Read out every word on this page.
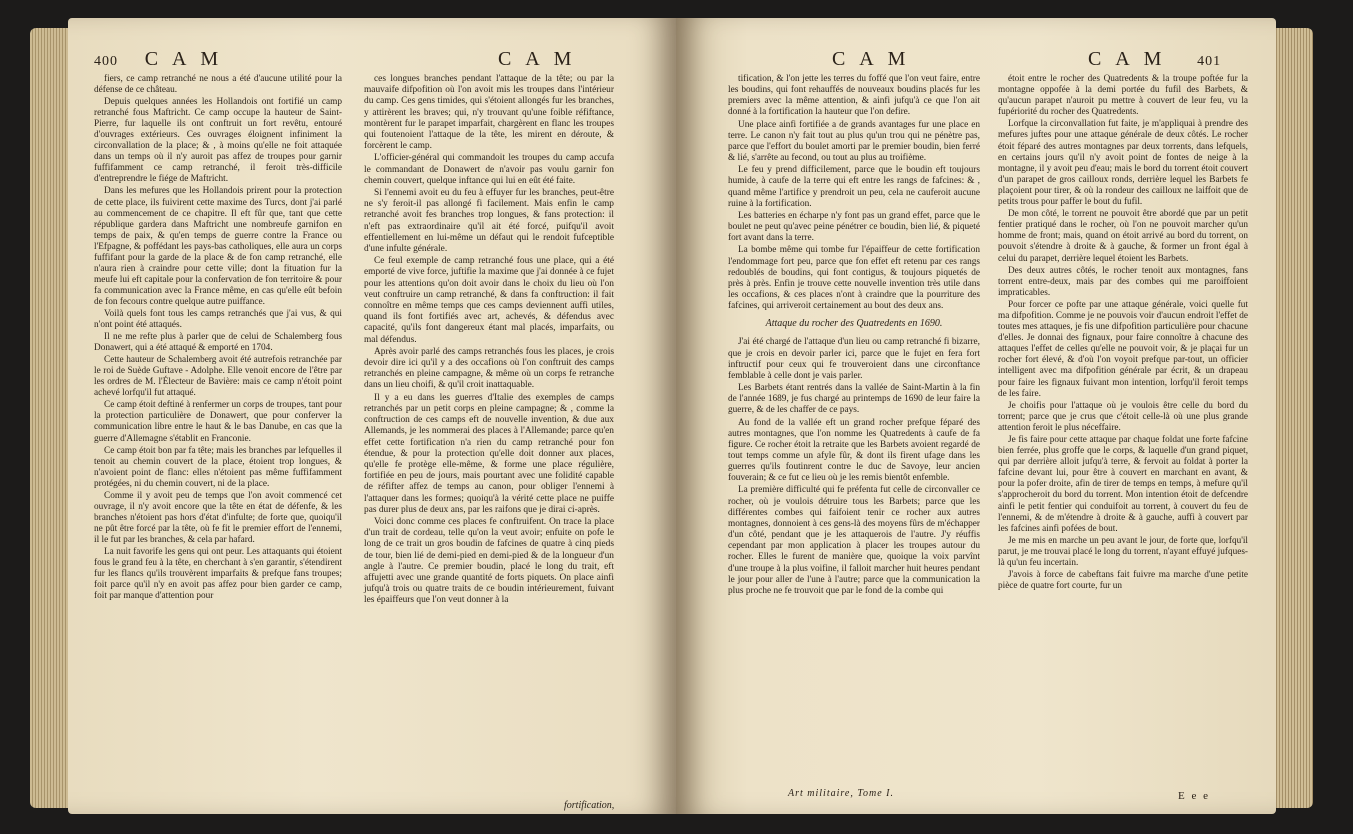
400 C A M	C A M

fiers, ce camp retranché ne nous a été d'aucune utilité pour la défense de ce château.

Depuis quelques années les Hollandois ont fortifié un camp retranché fous Maftricht. Ce camp occupe la hauteur de Saint-Pierre, fur laquelle ils ont conftruit un fort revêtu, entouré d'ouvrages extérieurs. Ces ouvrages éloignent infiniment la circonvallation de la place; & , à moins qu'elle ne foit attaquée dans un temps où il n'y auroit pas affez de troupes pour garnir fuffifamment ce camp retranché, il feroit très-difficile d'entreprendre le fiége de Maftricht.

Dans les mefures que les Hollandois prirent pour la protection de cette place, ils fuivirent cette maxime des Turcs, dont j'ai parlé au commencement de ce chapitre. Il eft fûr que, tant que cette république gardera dans Maftricht une nombreufe garnifon en temps de paix, & qu'en temps de guerre contre la France ou l'Efpagne, & poffédant les pays-bas catholiques, elle aura un corps fuffifant pour la garde de la place & de fon camp retranché, elle n'aura rien à craindre pour cette ville; dont la fituation fur la meufe lui eft capitale pour la confervation de fon territoire & pour fa communication avec la France même, en cas qu'elle eût befoin de fon fecours contre quelque autre puiffance.

Voilà quels font tous les camps retranchés que j'ai vus, & qui n'ont point été attaqués.

Il ne me refte plus à parler que de celui de Schalemberg fous Donawert, qui a été attaqué & emporté en 1704.

Cette hauteur de Schalemberg avoit été autrefois retranchée par le roi de Suède Guftave - Adolphe. Elle venoit encore de l'être par les ordres de M. l'Électeur de Bavière: mais ce camp n'étoit point achevé lorfqu'il fut attaqué.

Ce camp étoit deftiné à renfermer un corps de troupes, tant pour la protection particulière de Donawert, que pour conferver la communication libre entre le haut & le bas Danube, en cas que la guerre d'Allemagne s'établit en Franconie.

Ce camp étoit bon par fa tête; mais les branches par lefquelles il tenoit au chemin couvert de la place, étoient trop longues, & n'avoient point de flanc: elles n'étoient pas même fuffifamment protégées, ni du chemin couvert, ni de la place.

Comme il y avoit peu de temps que l'on avoit commencé cet ouvrage, il n'y avoit encore que la tête en état de défenfe, & les branches n'étoient pas hors d'état d'infulte; de forte que, quoiqu'il ne pût être forcé par la tête, où fe fit le premier effort de l'ennemi, il le fut par les branches, & cela par hafard.

La nuit favorife les gens qui ont peur. Les attaquants qui étoient fous le grand feu à la tête, en cherchant à s'en garantir, s'étendirent fur les flancs qu'ils trouvèrent imparfaits & prefque fans troupes; foit parce qu'il n'y en avoit pas affez pour bien garder ce camp, foit par manque d'attention pour

ces longues branches pendant l'attaque de la tête; ou par la mauvaife difpofition où l'on avoit mis les troupes dans l'intérieur du camp. Ces gens timides, qui s'étoient allongés fur les branches, y attirèrent les braves; qui, n'y trouvant qu'une foible réfiftance, montèrent fur le parapet imparfait, chargèrent en flanc les troupes qui foutenoient l'attaque de la tête, les mirent en déroute, & forcèrent le camp.

L'officier-général qui commandoit les troupes du camp accufa le commandant de Donawert de n'avoir pas voulu garnir fon chemin couvert, quelque inftance qui lui en eût été faite.

Si l'ennemi avoit eu du feu à effuyer fur les branches, peut-être ne s'y feroit-il pas allongé fi facilement. Mais enfin le camp retranché avoit fes branches trop longues, & fans protection: il n'eft pas extraordinaire qu'il ait été forcé, puifqu'il avoit effentiellement en lui-même un défaut qui le rendoit fufceptible d'une infulte générale.

Ce feul exemple de camp retranché fous une place, qui a été emporté de vive force, juftifie la maxime que j'ai donnée à ce fujet pour les attentions qu'on doit avoir dans le choix du lieu où l'on veut conftruire un camp retranché, & dans fa conftruction: il fait connoître en même temps que ces camps deviennent auffi utiles, quand ils font fortifiés avec art, achevés, & défendus avec capacité, qu'ils font dangereux étant mal placés, imparfaits, ou mal défendus.

Après avoir parlé des camps retranchés fous les places, je crois devoir dire ici qu'il y a des occafions où l'on conftruit des camps retranchés en pleine campagne, & même où un corps fe retranche dans un lieu choifi, & qu'il croit inattaquable.

Il y a eu dans les guerres d'Italie des exemples de camps retranchés par un petit corps en pleine campagne; & , comme la conftruction de ces camps eft de nouvelle invention, & due aux Allemands, je les nommerai des places à l'Allemande; parce qu'en effet cette fortification n'a rien du camp retranché pour fon étendue, & pour la protection qu'elle doit donner aux places, qu'elle fe protège elle-même, & forme une place régulière, fortifiée en peu de jours, mais pourtant avec une folidité capable de réfifter affez de temps au canon, pour obliger l'ennemi à l'attaquer dans les formes; quoiqu'à la vérité cette place ne puiffe pas durer plus de deux ans, par les raifons que je dirai ci-après.

Voici donc comme ces places fe conftruifent. On trace la place d'un trait de cordeau, telle qu'on la veut avoir; enfuite on pofe le long de ce trait un gros boudin de fafcines de quatre à cinq pieds de tour, bien lié de demi-pied en demi-pied & de la longueur d'un angle à l'autre. Ce premier boudin, placé le long du trait, eft affujetti avec une grande quantité de forts piquets. On place ainfi jufqu'à trois ou quatre traits de ce boudin intérieurement, fuivant les épaiffeurs que l'on veut donner à la

fortification,
C A M	C A M 401

tification, & l'on jette les terres du foffé que l'on veut faire, entre les boudins, qui font rehauffés de nouveaux boudins placés fur les premiers avec la même attention, & ainfi jufqu'à ce que l'on ait donné à la fortification la hauteur que l'on defire.

Une place ainfi fortifiée a de grands avantages fur une place en terre. Le canon n'y fait tout au plus qu'un trou qui ne pénètre pas, parce que l'effort du boulet amorti par le premier boudin, bien ferré & lié, s'arrête au fecond, ou tout au plus au troifième.

Le feu y prend difficilement, parce que le boudin eft toujours humide, à caufe de la terre qui eft entre les rangs de fafcines: & , quand même l'artifice y prendroit un peu, cela ne cauferoit aucune ruine à la fortification.

Les batteries en écharpe n'y font pas un grand effet, parce que le boulet ne peut qu'avec peine pénétrer ce boudin, bien lié, & piqueté fort avant dans la terre.

La bombe même qui tombe fur l'épaiffeur de cette fortification l'endommage fort peu, parce que fon effet eft retenu par ces rangs redoublés de boudins, qui font contigus, & toujours piquetés de près à près. Enfin je trouve cette nouvelle invention très utile dans les occafions, & ces places n'ont à craindre que la pourriture des fafcines, qui arriveroit certainement au bout des deux ans.

Attaque du rocher des Quatredents en 1690.

J'ai été chargé de l'attaque d'un lieu ou camp retranché fi bizarre, que je crois en devoir parler ici, parce que le fujet en fera fort inftructif pour ceux qui fe trouveroient dans une circonftance femblable à celle dont je vais parler.

Les Barbets étant rentrés dans la vallée de Saint-Martin à la fin de l'année 1689, je fus chargé au printemps de 1690 de leur faire la guerre, & de les chaffer de ce pays.

Au fond de la vallée eft un grand rocher prefque féparé des autres montagnes, que l'on nomme les Quatredents à caufe de fa figure. Ce rocher étoit la retraite que les Barbets avoient regardé de tout temps comme un afyle fûr, & dont ils firent ufage dans les guerres qu'ils foutinrent contre le duc de Savoye, leur ancien fouverain; & ce fut ce lieu où je les remis bientôt enfemble.

La première difficulté qui fe préfenta fut celle de circonvaller ce rocher, où je voulois détruire tous les Barbets; parce que les différentes combes qui faifoient tenir ce rocher aux autres montagnes, donnoient à ces gens-là des moyens fûrs de m'échapper d'un côté, pendant que je les attaquerois de l'autre. J'y réuffis cependant par mon application à placer les troupes autour du rocher. Elles le furent de manière que, quoique la voix parvînt d'une troupe à la plus voifine, il falloit marcher huit heures pendant le jour pour aller de l'une à l'autre; parce que la communication la plus proche ne fe trouvoit que par le fond de la combe qui

étoit entre le rocher des Quatredents & la troupe poftée fur la montagne oppofée à la demi portée du fufil des Barbets, & qu'aucun parapet n'auroit pu mettre à couvert de leur feu, vu la fupériorité du rocher des Quatredents.

Lorfque la circonvallation fut faite, je m'appliquai à prendre des mefures juftes pour une attaque générale de deux côtés. Le rocher étoit féparé des autres montagnes par deux torrents, dans lefquels, en certains jours qu'il n'y avoit point de fontes de neige à la montagne, il y avoit peu d'eau; mais le bord du torrent étoit couvert d'un parapet de gros cailloux ronds, derrière lequel les Barbets fe plaçoient pour tirer, & où la rondeur des cailloux ne laiffoit que de petits trous pour paffer le bout du fufil.

De mon côté, le torrent ne pouvoit être abordé que par un petit fentier pratiqué dans le rocher, où l'on ne pouvoit marcher qu'un homme de front; mais, quand on étoit arrivé au bord du torrent, on pouvoit s'étendre à droite & à gauche, & former un front égal à celui du parapet, derrière lequel étoient les Barbets.

Des deux autres côtés, le rocher tenoit aux montagnes, fans torrent entre-deux, mais par des combes qui me paroiffoient impraticables.

Pour forcer ce pofte par une attaque générale, voici quelle fut ma difpofition. Comme je ne pouvois voir d'aucun endroit l'effet de toutes mes attaques, je fis une difpofition particulière pour chacune d'elles. Je donnai des fignaux, pour faire connoître à chacune des attaques l'effet de celles qu'elle ne pouvoit voir, & je plaçai fur un rocher fort élevé, & d'où l'on voyoit prefque par-tout, un officier intelligent avec ma difpofition générale par écrit, & un drapeau pour faire les fignaux fuivant mon intention, lorfqu'il feroit temps de les faire.

Je choifis pour l'attaque où je voulois être celle du bord du torrent; parce que je crus que c'étoit celle-là où une plus grande attention feroit le plus néceffaire.

Je fis faire pour cette attaque par chaque foldat une forte fafcine bien ferrée, plus groffe que le corps, & laquelle d'un grand piquet, qui par derrière alloit jufqu'à terre, & fervoit au foldat à porter la fafcine devant lui, pour être à couvert en marchant en avant, & pour la pofer droite, afin de tirer de temps en temps, à mefure qu'il s'approcheroit du bord du torrent. Mon intention étoit de defcendre ainfi le petit fentier qui conduifoit au torrent, à couvert du feu de l'ennemi, & de m'étendre à droite & à gauche, auffi à couvert par les fafcines ainfi pofées de bout.

Je me mis en marche un peu avant le jour, de forte que, lorfqu'il parut, je me trouvai placé le long du torrent, n'ayant effuyé jufques-là qu'un feu incertain.

J'avois à force de cabeftans fait fuivre ma marche d'une petite pièce de quatre fort courte, fur un

Art militaire, Tome I.	E e e
